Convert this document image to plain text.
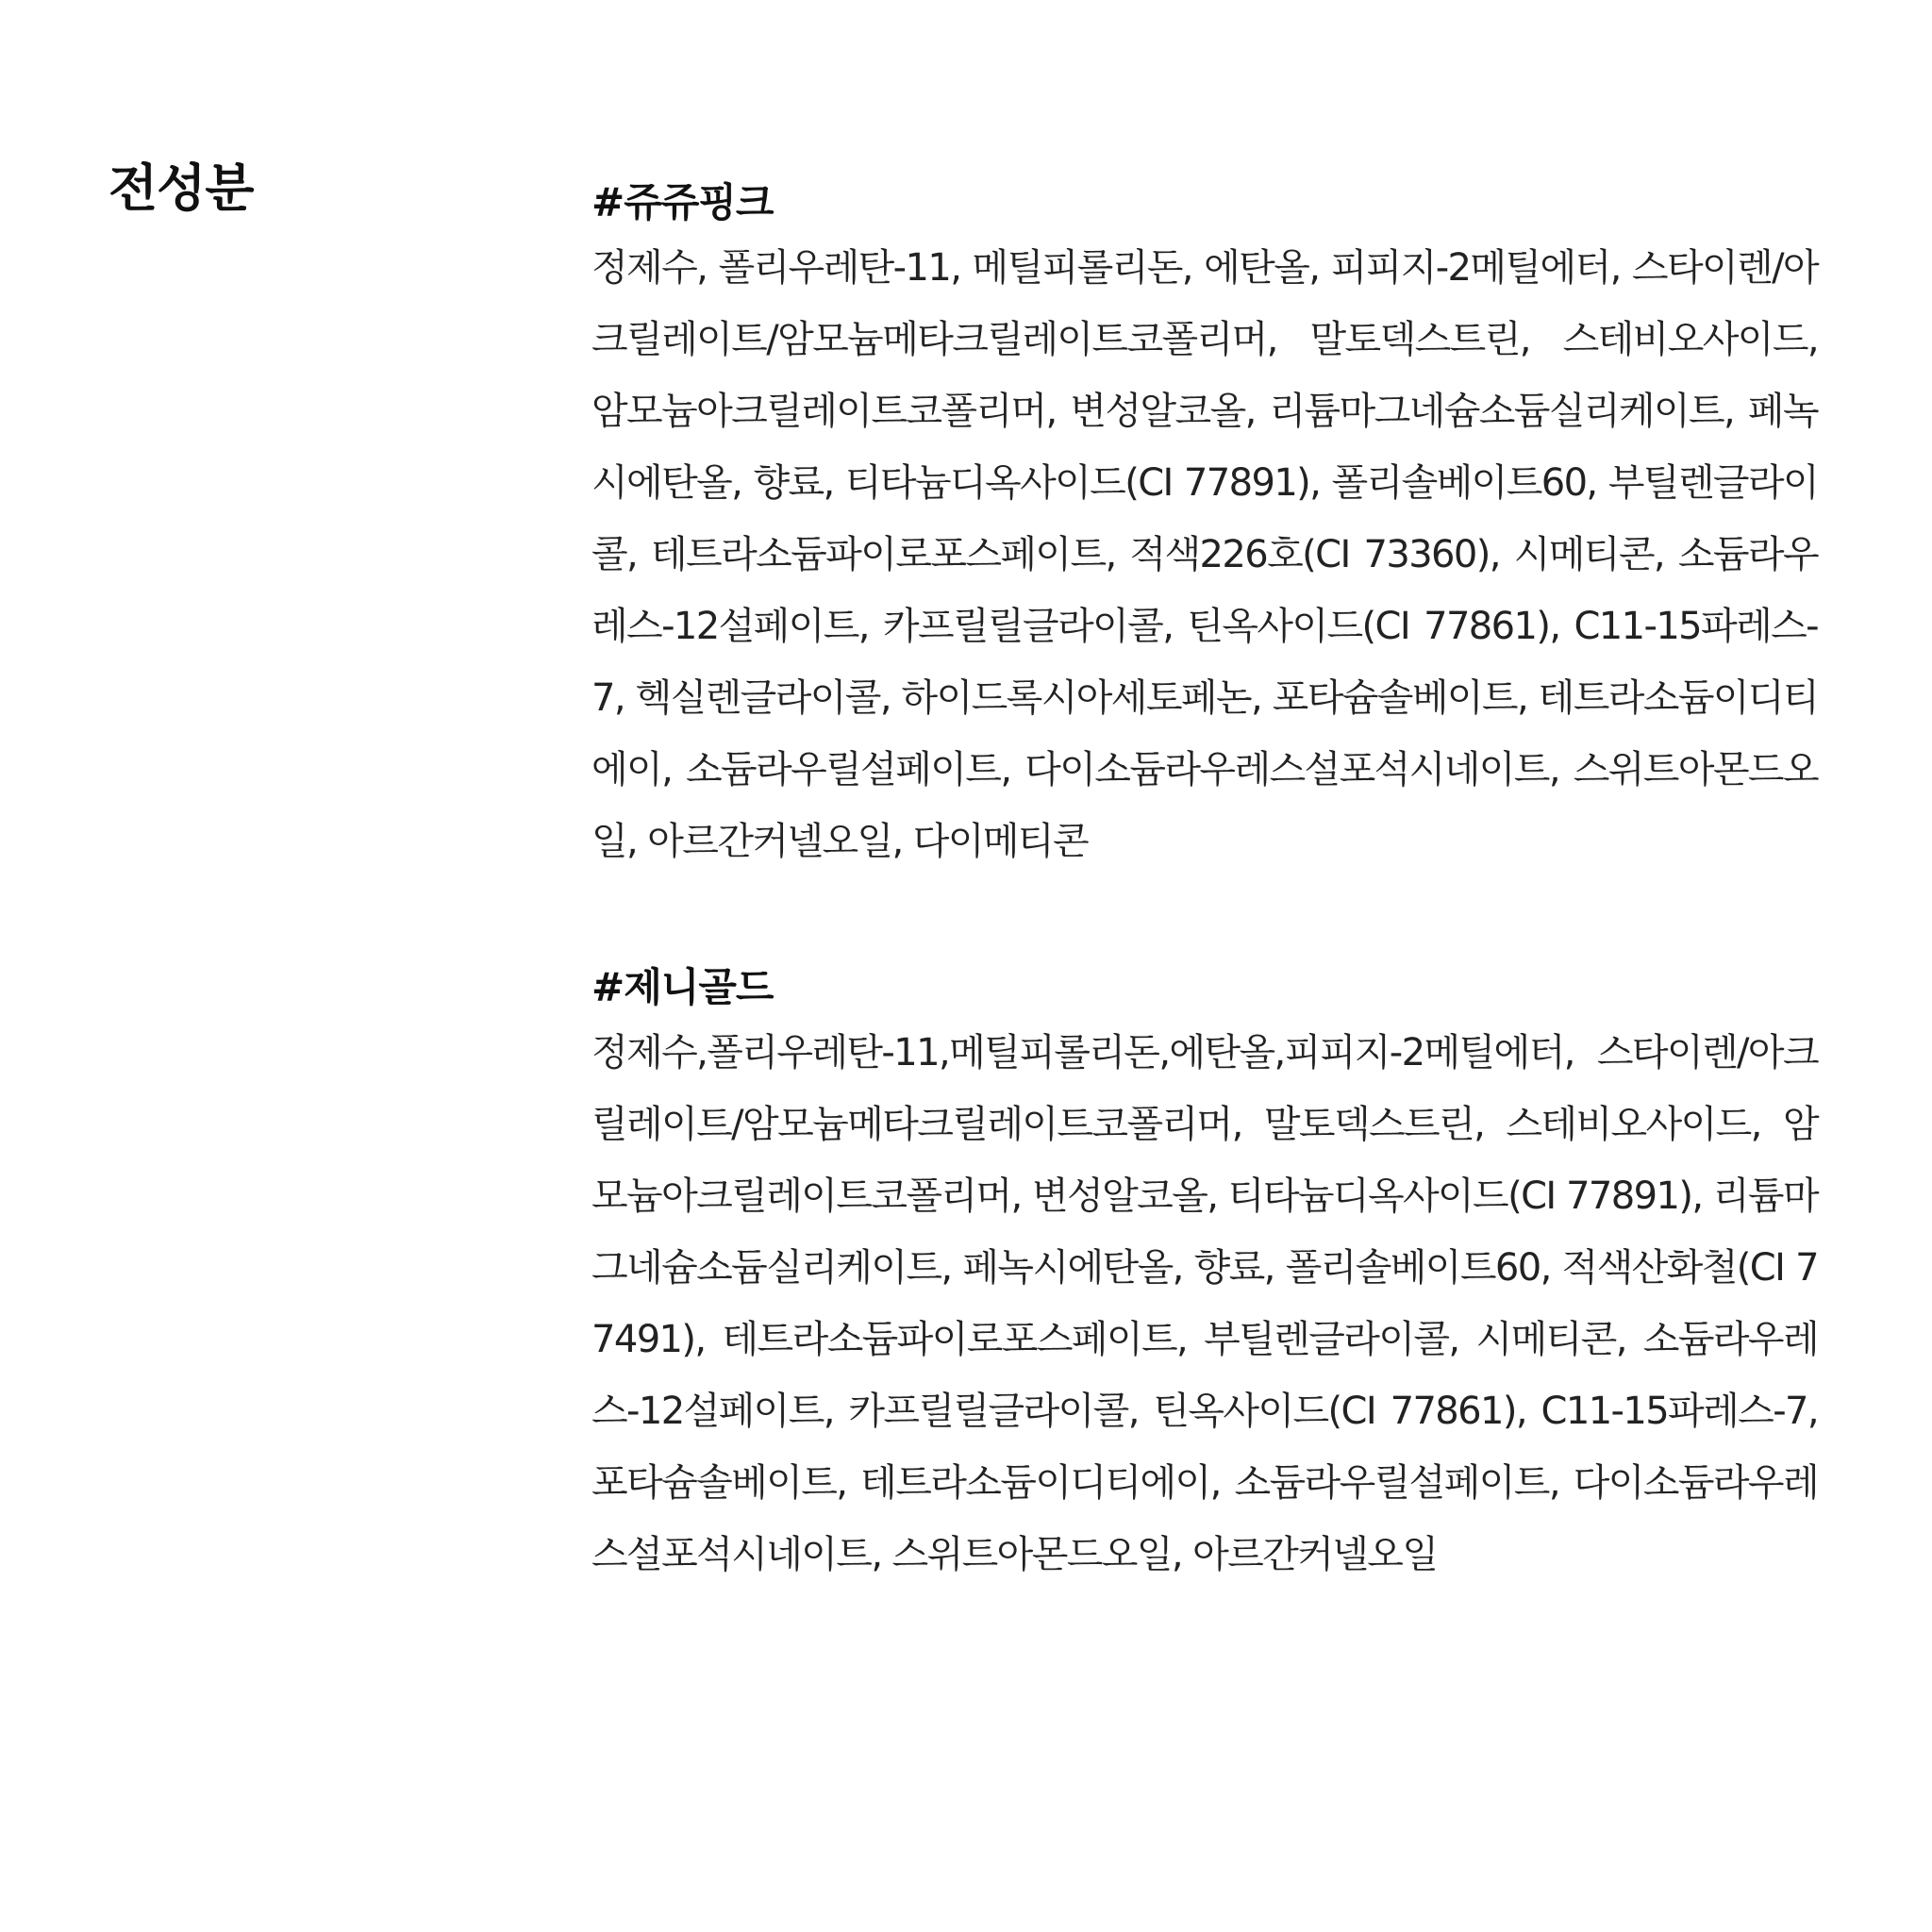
전성분	#쥬쥬핑크

정제수, 폴리우레탄-11, 메틸피롤리돈, 에탄올, 피피지-2메틸에터, 스타이렌/아크릴레이트/암모늄메타크릴레이트코폴리머, 말토덱스트린, 스테비오사이드, 암모늄아크릴레이트코폴리머, 변성알코올, 리튬마그네슘소듐실리케이트, 페녹시에탄올, 향료, 티타늄디옥사이드(CI 77891), 폴리솔베이트60, 부틸렌글라이콜, 테트라소듐파이로포스페이트, 적색226호(CI 73360), 시메티콘, 소듐라우레스-12설페이트, 카프릴릴글라이콜, 틴옥사이드(CI 77861), C11-15파레스-7, 헥실렌글라이콜, 하이드록시아세토페논, 포타슘솔베이트, 테트라소듐이디티에이, 소듐라우릴설페이트, 다이소듐라우레스설포석시네이트, 스위트아몬드오일, 아르간커넬오일, 다이메티콘

#제니골드

정제수,폴리우레탄-11,메틸피롤리돈,에탄올,피피지-2메틸에터, 스타이렌/아크릴레이트/암모늄메타크릴레이트코폴리머, 말토덱스트린, 스테비오사이드, 암모늄아크릴레이트코폴리머, 변성알코올, 티타늄디옥사이드(CI 77891), 리튬마그네슘소듐실리케이트, 페녹시에탄올, 향료, 폴리솔베이트60, 적색산화철(CI 77491), 테트라소듐파이로포스페이트, 부틸렌글라이콜, 시메티콘, 소듐라우레스-12설페이트, 카프릴릴글라이콜, 틴옥사이드(CI 77861), C11-15파레스-7, 포타슘솔베이트, 테트라소듐이디티에이, 소듐라우릴설페이트, 다이소듐라우레스설포석시네이트, 스위트아몬드오일, 아르간커넬오일
